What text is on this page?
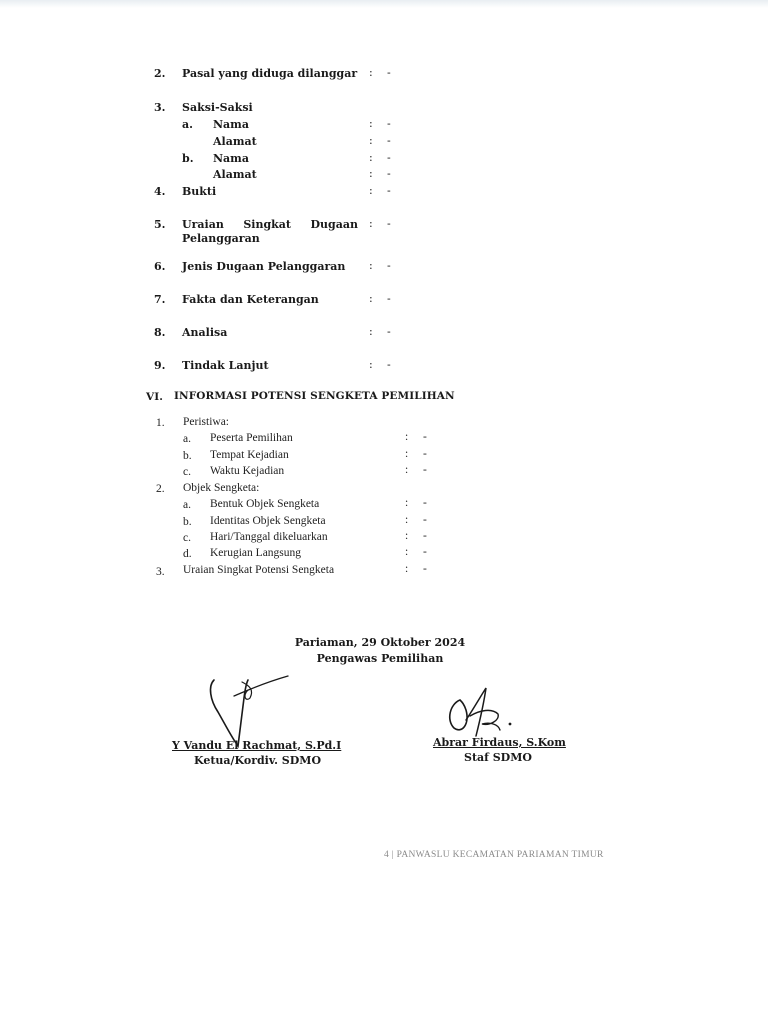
2. Pasal yang diduga dilanggar : -
3. Saksi-Saksi
a. Nama	: -
Alamat	: -
b. Nama	: -
Alamat	: -
4. Bukti	: -
5. Uraian Singkat Dugaan
Pelanggaran
: -
6. Jenis Dugaan Pelanggaran : -
7. Fakta dan Keterangan	: -
8. Analisa	: -
9. Tindak Lanjut	: -
VI. INFORMASI POTENSI SENGKETA PEMILIHAN
1. Peristiwa:
a. Peserta Pemilihan	: -
b. Tempat Kejadian	: -
c. Waktu Kejadian	: -
2. Objek Sengketa:
a. Bentuk Objek Sengketa	: -
b. Identitas Objek Sengketa	: -
c. Hari/Tanggal dikeluarkan	: -
d. Kerugian Langsung	: -
3. Uraian Singkat Potensi Sengketa	: -
Pariaman, 29 Oktober 2024
Pengawas Pemilihan
Y Vandu El Rachmat, S.Pd.I
Ketua/Kordiv. SDMO
Abrar Firdaus, S.Kom
Staf SDMO
4 | PANWASLU KECAMATAN PARIAMAN TIMUR
